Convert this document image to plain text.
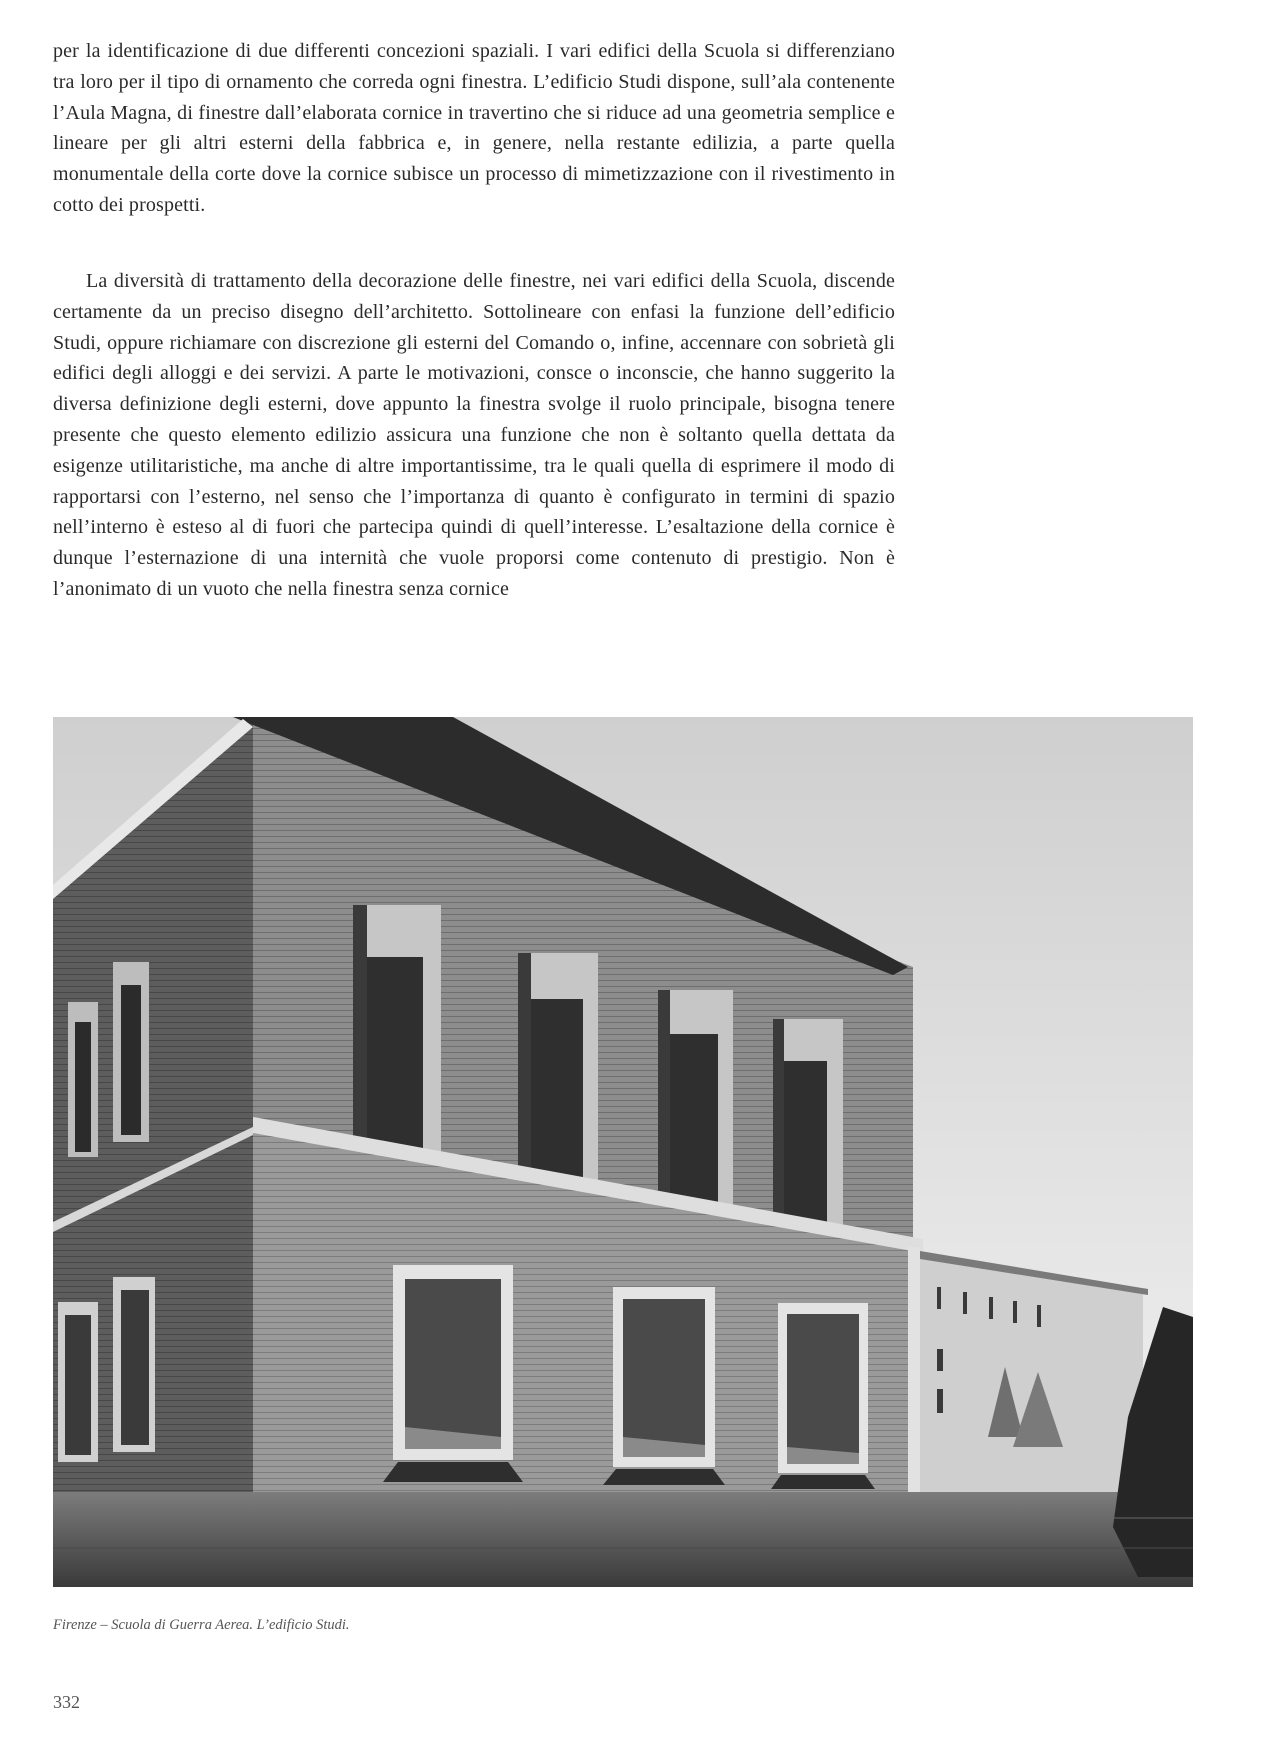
per la identificazione di due differenti concezioni spaziali. I vari edifici della Scuola si differenziano tra loro per il tipo di ornamento che correda ogni finestra. L’edificio Studi dispone, sull’ala contenente l’Aula Magna, di finestre dall’elaborata cornice in travertino che si riduce ad una geometria semplice e lineare per gli altri esterni della fabbrica e, in genere, nella restante edilizia, a parte quella monumentale della corte dove la cornice subisce un processo di mimetizzazione con il rivestimento in cotto dei prospetti.

La diversità di trattamento della decorazione delle finestre, nei vari edifici della Scuola, discende certamente da un preciso disegno dell’architetto. Sottolineare con enfasi la funzione dell’edificio Studi, oppure richiamare con discrezione gli esterni del Comando o, infine, accennare con sobrietà gli edifici degli alloggi e dei servizi. A parte le motivazioni, consce o inconscie, che hanno suggerito la diversa definizione degli esterni, dove appunto la finestra svolge il ruolo principale, bisogna tenere presente che questo elemento edilizio assicura una funzione che non è soltanto quella dettata da esigenze utilitaristiche, ma anche di altre importantissime, tra le quali quella di esprimere il modo di rapportarsi con l’esterno, nel senso che l’importanza di quanto è configurato in termini di spazio nell’interno è esteso al di fuori che partecipa quindi di quell’interesse. L’esaltazione della cornice è dunque l’esternazione di una internità che vuole proporsi come contenuto di prestigio. Non è l’anonimato di un vuoto che nella finestra senza cornice

Firenze – Scuola di Guerra Aerea. L’edificio Studi.

332
